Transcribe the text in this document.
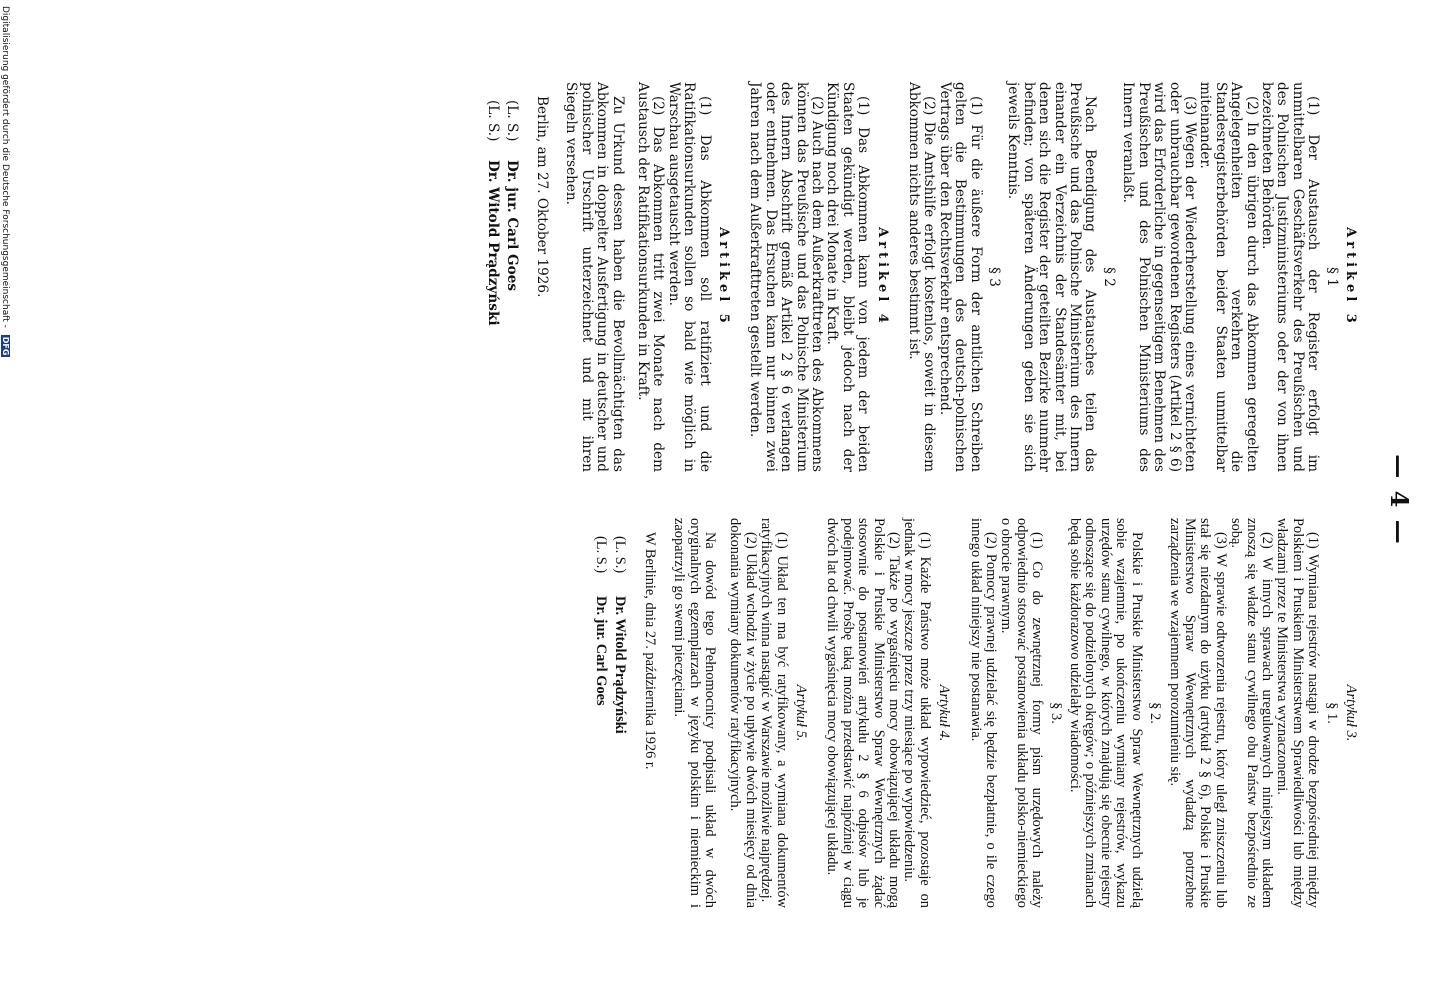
— 4 —
Artikel 3
§ 1

(1) Der Austausch der Register erfolgt im unmittelbaren Geschäftsverkehr des Preußischen und des Polnischen Justizministeriums oder der von ihnen bezeichneten Behörden.

(2) In den übrigen durch das Abkommen geregelten Angelegenheiten verkehren die Standesregisterbehörden beider Staaten unmittelbar miteinander.

(3) Wegen der Wiederherstellung eines vernichteten oder unbrauchbar gewordenen Registers (Artikel 2 § 6) wird das Erforderliche in gegenseitigem Benehmen des Preußischen und des Polnischen Ministeriums des Innern veranlaßt.

§ 2

Nach Beendigung des Austausches teilen das Preußische und das Polnische Ministerium des Innern einander ein Verzeichnis der Standesämter mit, bei denen sich die Register der geteilten Bezirke nunmehr befinden; von späteren Änderungen geben sie sich jeweils Kenntnis.

§ 3

(1) Für die äußere Form der amtlichen Schreiben gelten die Bestimmungen des deutsch-polnischen Vertrags über den Rechtsverkehr entsprechend.

(2) Die Amtshilfe erfolgt kostenlos, soweit in diesem Abkommen nichts anderes bestimmt ist.

Artikel 4

(1) Das Abkommen kann von jedem der beiden Staaten gekündigt werden, bleibt jedoch nach der Kündigung noch drei Monate in Kraft.

(2) Auch nach dem Außerkrafttreten des Abkommens können das Preußische und das Polnische Ministerium des Innern Abschrift gemäß Artikel 2 § 6 verlangen oder entnehmen. Das Ersuchen kann nur binnen zwei Jahren nach dem Außerkrafttreten gestellt werden.

Artikel 5

(1) Das Abkommen soll ratifiziert und die Ratifikationsurkunden sollen so bald wie möglich in Warschau ausgetauscht werden.

(2) Das Abkommen tritt zwei Monate nach dem Austausch der Ratifikationsurkunden in Kraft.

Zu Urkund dessen haben die Bevollmächtigten das Abkommen in doppelter Ausfertigung in deutscher und polnischer Urschrift unterzeichnet und mit ihren Siegeln versehen.

Berlin, am 27. Oktober 1926.
(L. S.)
Dr. jur. Carl Goes
(L. S.)
Dr. Witold Prądzyński
Artykuł 3.
§ 1.

(1) Wymiana rejestrów nastąpi w drodze bezpośredniej między Polskiem i Pruskiem Ministerstwem Sprawiedliwości lub między władzami przez te Ministerstwa wyznaczonemi.

(2) W innych sprawach uregulowanych niniejszym układem znoszą się władze stanu cywilnego obu Państw bezpośrednio ze sobą.

(3) W sprawie odtworzenia rejestru, który uległ zniszczeniu lub stał się niezdatnym do użytku (artykuł 2 § 6), Polskie i Pruskie Ministerstwo Spraw Wewnętrznych wydadzą potrzebne zarządzenia we wzajemnem porozumieniu się.

§ 2.

Polskie i Pruskie Ministerstwo Spraw Wewnętrznych udzielą sobie wzajemnie, po ukończeniu wymiany rejestrów, wykazu urzędów stanu cywilnego, w których znajdują się obecnie rejestry odnoszące się do podzielonych okręgów; o późniejszych zmianach będą sobie każdorazowo udzielały wiadomości.

§ 3.

(1) Co do zewnętrznej formy pism urzędowych należy odpowiednio stosować postanowienia układu polsko-niemieckiego o obrocie prawnym.

(2) Pomocy prawnej udzielać się będzie bezpłatnie, o ile czego innego układ niniejszy nie postanawia.

Artykuł 4.

(1) Każde Państwo może układ wypowiedzieć, pozostaje on jednak w mocy jeszcze przez trzy miesiące po wypowiedzeniu.

(2) Także po wygaśnięciu mocy obowiązującej układu mogą Polskie i Pruskie Ministerstwo Spraw Wewnętrznych żądać stosownie do postanowień artykułu 2 § 6 odpisów lub je podejmować. Prośbę taką można przedstawić najpóźniej w ciągu dwóch lat od chwili wygaśnięcia mocy obowiązującej układu.

Artykuł 5.

(1) Układ ten ma być ratyfikowany, a wymiana dokumentów ratyfikacyjnych winna nastąpić w Warszawie możliwie najprędzej.

(2) Układ wchodzi w życie po upływie dwóch miesięcy od dnia dokonania wymiany dokumentów ratyfikacyjnych.

Na dowód tego Pełnomocnicy podpisali układ w dwóch oryginalnych egzemplarzach w języku polskim i niemieckim i zaopatrzyli go swemi pieczęciami.

W Berlinie, dnia 27. października 1926 r.
(L. S.)
Dr. Witold Prądzyński
(L. S.)
Dr. jur. Carl Goes
Digitalisierung gefördert durch die Deutsche Forschungsgemeinschaft - DFG
